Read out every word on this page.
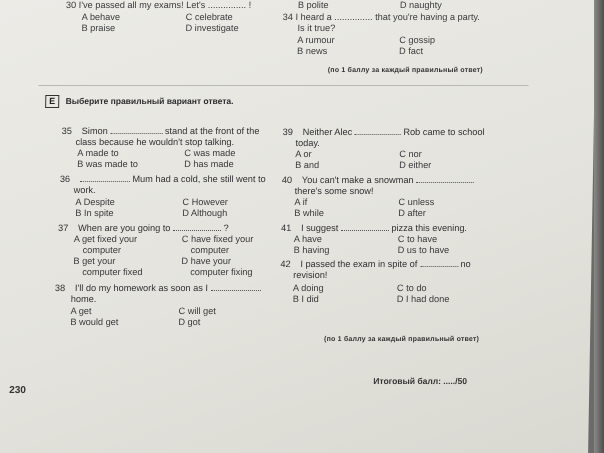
30 I've passed all my exams! Let's ............... !
A behave	C celebrate
B praise	D investigate
B polite	D naughty
34 I heard a ............... that you're having a party.
Is it true?
A rumour	C gossip
B news	D fact
(по 1 баллу за каждый правильный ответ)
E Выберите правильный вариант ответа.
35 Simon	stand at the front of the
class because he wouldn't stop talking.
A made to	C was made
B was made to	D has made
36	Mum had a cold, she still went to
work.
A Despite	C However
B In spite	D Although
37 When are you going to	?
A get fixed your	C have fixed your
computer	computer
B get your	D have your
computer fixed	computer fixing
38 I'll do my homework as soon as I
home.
A get	C will get
B would get	D got
39 Neither Alec	Rob came to school
today.
A or	C nor
B and	D either
40 You can't make a snowman
there's some snow!
A if	C unless
B while	D after
41 I suggest	pizza this evening.
A have	C to have
B having	D us to have
42 I passed the exam in spite of	no
revision!
A doing	C to do
B I did	D I had done
(по 1 баллу за каждый правильный ответ)
Итоговый балл: ...../50
230
